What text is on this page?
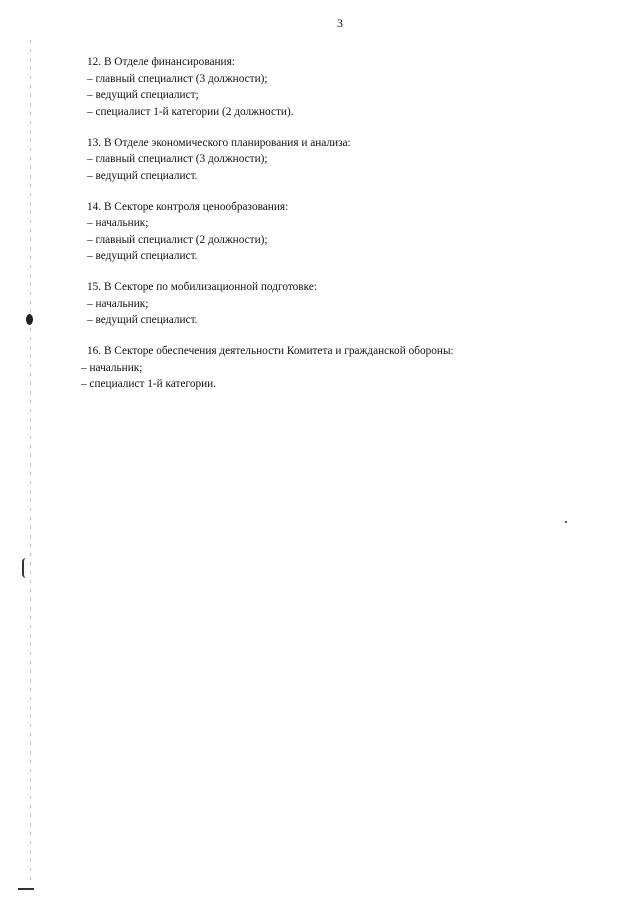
3
12. В Отделе финансирования:
– главный специалист (3 должности);
– ведущий специалист;
– специалист 1-й категории (2 должности).
13. В Отделе экономического планирования и анализа:
– главный специалист (3 должности);
– ведущий специалист.
14. В Секторе контроля ценообразования:
– начальник;
– главный специалист (2 должности);
– ведущий специалист.
15. В Секторе по мобилизационной подготовке:
– начальник;
– ведущий специалист.
16. В Секторе обеспечения деятельности Комитета и гражданской обороны:
– начальник;
– специалист 1-й категории.
